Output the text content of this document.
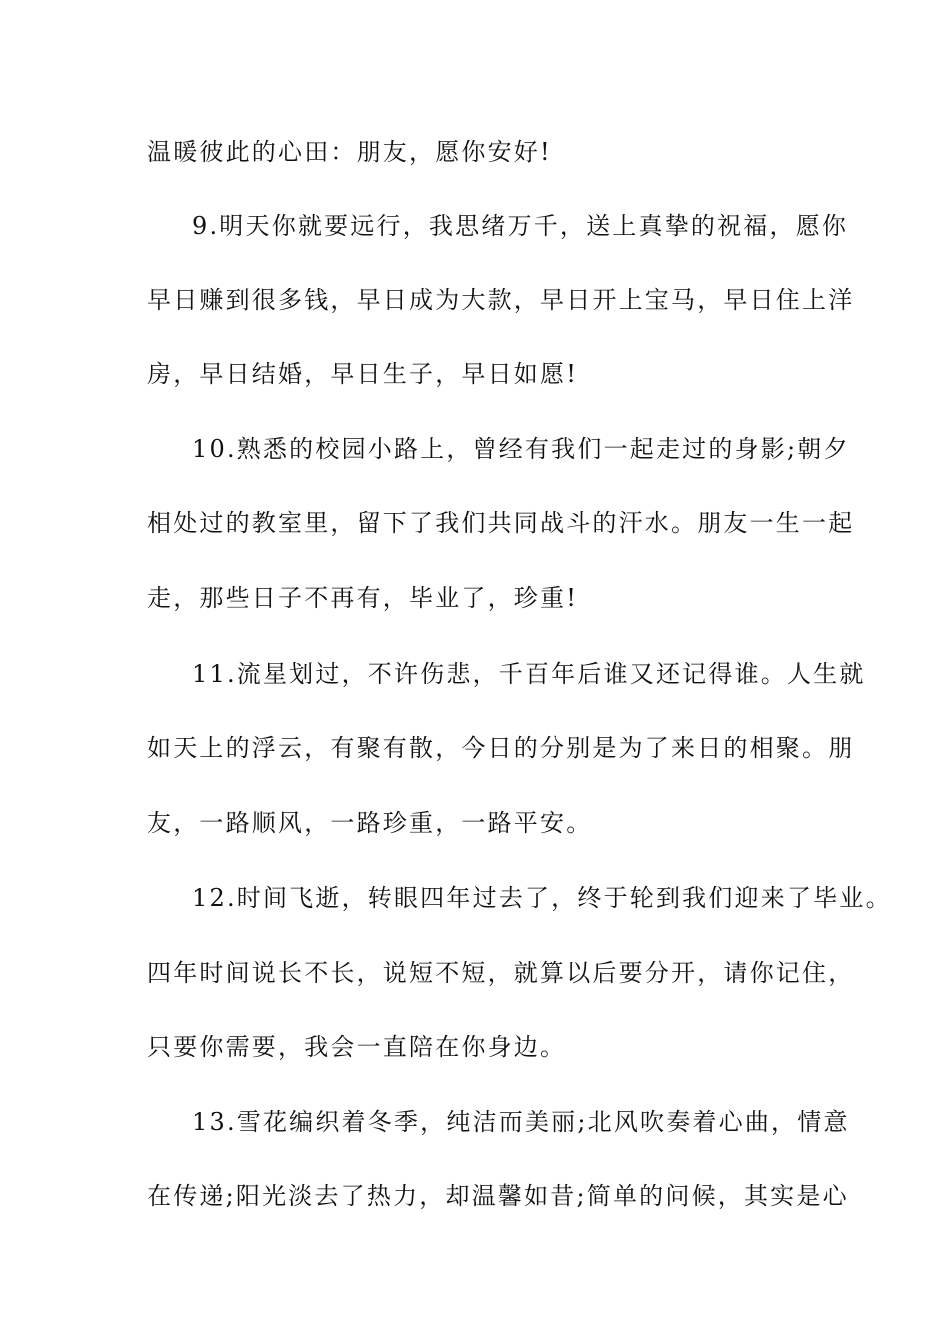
温暖彼此的心田：朋友，愿你安好!
9.明天你就要远行，我思绪万千，送上真挚的祝福，愿你
早日赚到很多钱，早日成为大款，早日开上宝马，早日住上洋
房，早日结婚，早日生子，早日如愿!
10.熟悉的校园小路上，曾经有我们一起走过的身影;朝夕
相处过的教室里，留下了我们共同战斗的汗水。朋友一生一起
走，那些日子不再有，毕业了，珍重!
11.流星划过，不许伤悲，千百年后谁又还记得谁。人生就
如天上的浮云，有聚有散，今日的分别是为了来日的相聚。朋
友，一路顺风，一路珍重，一路平安。
12.时间飞逝，转眼四年过去了，终于轮到我们迎来了毕业。
四年时间说长不长，说短不短，就算以后要分开，请你记住，
只要你需要，我会一直陪在你身边。
13.雪花编织着冬季，纯洁而美丽;北风吹奏着心曲，情意
在传递;阳光淡去了热力，却温馨如昔;简单的问候，其实是心
